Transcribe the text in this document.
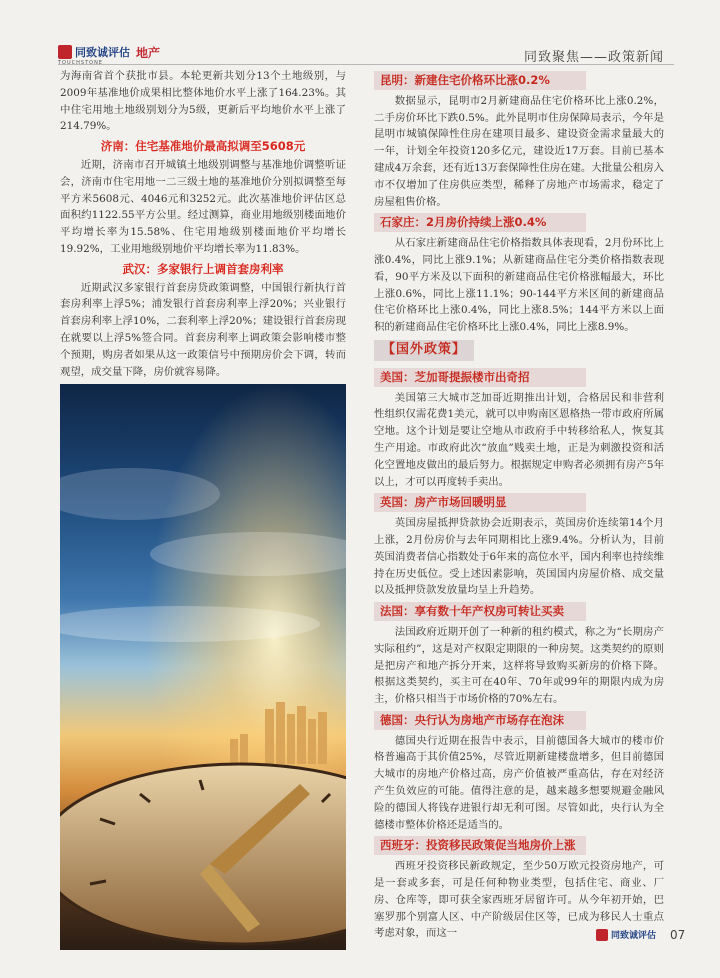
同致诚评估 地产
TOUCHSTONE	同致聚焦——政策新闻

为海南省首个获批市县。本轮更新共划分13个土地级别，与2009年基准地价成果相比整体地价水平上涨了164.23%。其中住宅用地土地级别划分为5级，更新后平均地价水平上涨了214.79%。

济南：住宅基准地价最高拟调至5608元

近期，济南市召开城镇土地级别调整与基准地价调整听证会，济南市住宅用地一二三级土地的基准地价分别拟调整至每平方米5608元、4046元和3252元。此次基准地价评估区总面积约1122.55平方公里。经过测算，商业用地级别楼面地价平均增长率为15.58%、住宅用地级别楼面地价平均增长19.92%，工业用地级别地价平均增长率为11.83%。

武汉：多家银行上调首套房利率

近期武汉多家银行首套房贷政策调整，中国银行新执行首套房利率上浮5%；浦发银行首套房利率上浮20%；兴业银行首套房利率上浮10%，二套利率上浮20%；建设银行首套房现在就要以上浮5%签合同。首套房利率上调政策会影响楼市整个预期，购房者如果从这一政策信号中预期房价会下调，转而观望，成交量下降，房价就容易降。

昆明：新建住宅价格环比涨0.2%

数据显示，昆明市2月新建商品住宅价格环比上涨0.2%，二手房价环比下跌0.5%。此外昆明市住房保障局表示，今年是昆明市城镇保障性住房在建项目最多、建设资金需求量最大的一年，计划全年投资120多亿元，建设近17万套。目前已基本建成4万余套，还有近13万套保障性住房在建。大批量公租房入市不仅增加了住房供应类型，稀释了房地产市场需求，稳定了房屋租售价格。

石家庄：2月房价持续上涨0.4%

从石家庄新建商品住宅价格指数具体表现看，2月份环比上涨0.4%，同比上涨9.1%；从新建商品住宅分类价格指数表现看，90平方米及以下面积的新建商品住宅价格涨幅最大，环比上涨0.6%，同比上涨11.1%；90-144平方米区间的新建商品住宅价格环比上涨0.4%，同比上涨8.5%；144平方米以上面积的新建商品住宅价格环比上涨0.4%，同比上涨8.9%。

【国外政策】 美国：芝加哥提振楼市出奇招

美国第三大城市芝加哥近期推出计划，合格居民和非营利性组织仅需花费1美元，就可以申购南区恩格热一带市政府所属空地。这个计划是要让空地从市政府手中转移给私人，恢复其生产用途。市政府此次“放血”贱卖土地，正是为刺激投资和活化空置地皮做出的最后努力。根据规定申购者必须拥有房产5年以上，才可以再度转手卖出。

英国：房产市场回暖明显

英国房屋抵押贷款协会近期表示，英国房价连续第14个月上涨，2月份房价与去年同期相比上涨9.4%。分析认为，目前英国消费者信心指数处于6年来的高位水平，国内利率也持续维持在历史低位。受上述因素影响，英国国内房屋价格、成交量以及抵押贷款发放量均呈上升趋势。

法国：享有数十年产权房可转让买卖

法国政府近期开创了一种新的租约模式，称之为“长期房产实际租约”，这是对产权限定期限的一种房契。这类契约的原则是把房产和地产拆分开来，这样将导致购买新房的价格下降。根据这类契约，买主可在40年、70年或99年的期限内成为房主，价格只相当于市场价格的70%左右。

德国：央行认为房地产市场存在泡沫

德国央行近期在报告中表示，目前德国各大城市的楼市价格普遍高于其价值25%，尽管近期新建楼盘增多，但目前德国大城市的房地产价格过高，房产价值被严重高估，存在对经济产生负效应的可能。值得注意的是，越来越多想要规避金融风险的德国人将钱存进银行却无利可图。尽管如此，央行认为全德楼市整体价格还是适当的。

西班牙：投资移民政策促当地房价上涨

西班牙投资移民新政规定，至少50万欧元投资房地产，可是一套或多套，可是任何种物业类型，包括住宅、商业、厂房、仓库等，即可获全家西班牙居留许可。从今年初开始，巴塞罗那个别富人区、中产阶级居住区等，已成为移民人士重点考虑对象，而这一	同致诚评估 07
